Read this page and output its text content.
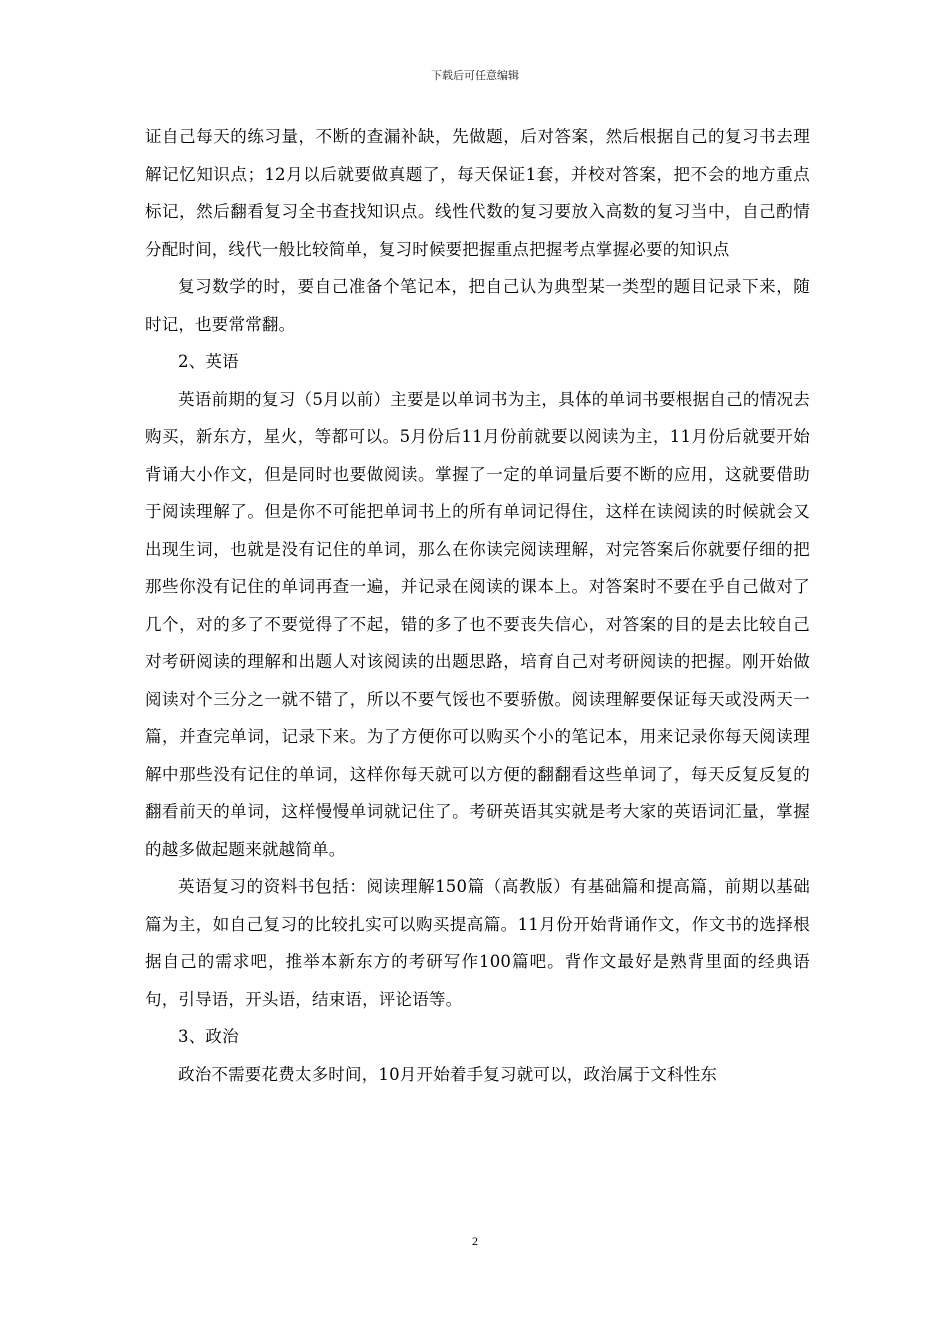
下载后可任意编辑

证自己每天的练习量，不断的查漏补缺，先做题，后对答案，然后根据自己的复习书去理解记忆知识点；12月以后就要做真题了，每天保证1套，并校对答案，把不会的地方重点标记，然后翻看复习全书查找知识点。线性代数的复习要放入高数的复习当中，自己酌情分配时间，线代一般比较简单，复习时候要把握重点把握考点掌握必要的知识点

复习数学的时，要自己准备个笔记本，把自己认为典型某一类型的题目记录下来，随时记，也要常常翻。

2、英语

英语前期的复习（5月以前）主要是以单词书为主，具体的单词书要根据自己的情况去购买，新东方，星火，等都可以。5月份后11月份前就要以阅读为主，11月份后就要开始背诵大小作文，但是同时也要做阅读。掌握了一定的单词量后要不断的应用，这就要借助于阅读理解了。但是你不可能把单词书上的所有单词记得住，这样在读阅读的时候就会又出现生词，也就是没有记住的单词，那么在你读完阅读理解，对完答案后你就要仔细的把那些你没有记住的单词再查一遍，并记录在阅读的课本上。对答案时不要在乎自己做对了几个，对的多了不要觉得了不起，错的多了也不要丧失信心，对答案的目的是去比较自己对考研阅读的理解和出题人对该阅读的出题思路，培育自己对考研阅读的把握。刚开始做阅读对个三分之一就不错了，所以不要气馁也不要骄傲。阅读理解要保证每天或没两天一篇，并查完单词，记录下来。为了方便你可以购买个小的笔记本，用来记录你每天阅读理解中那些没有记住的单词，这样你每天就可以方便的翻翻看这些单词了，每天反复反复的翻看前天的单词，这样慢慢单词就记住了。考研英语其实就是考大家的英语词汇量，掌握的越多做起题来就越简单。

英语复习的资料书包括：阅读理解150篇（高教版）有基础篇和提高篇，前期以基础篇为主，如自己复习的比较扎实可以购买提高篇。11月份开始背诵作文，作文书的选择根据自己的需求吧，推举本新东方的考研写作100篇吧。背作文最好是熟背里面的经典语句，引导语，开头语，结束语，评论语等。

3、政治

政治不需要花费太多时间，10月开始着手复习就可以，政治属于文科性东

2
